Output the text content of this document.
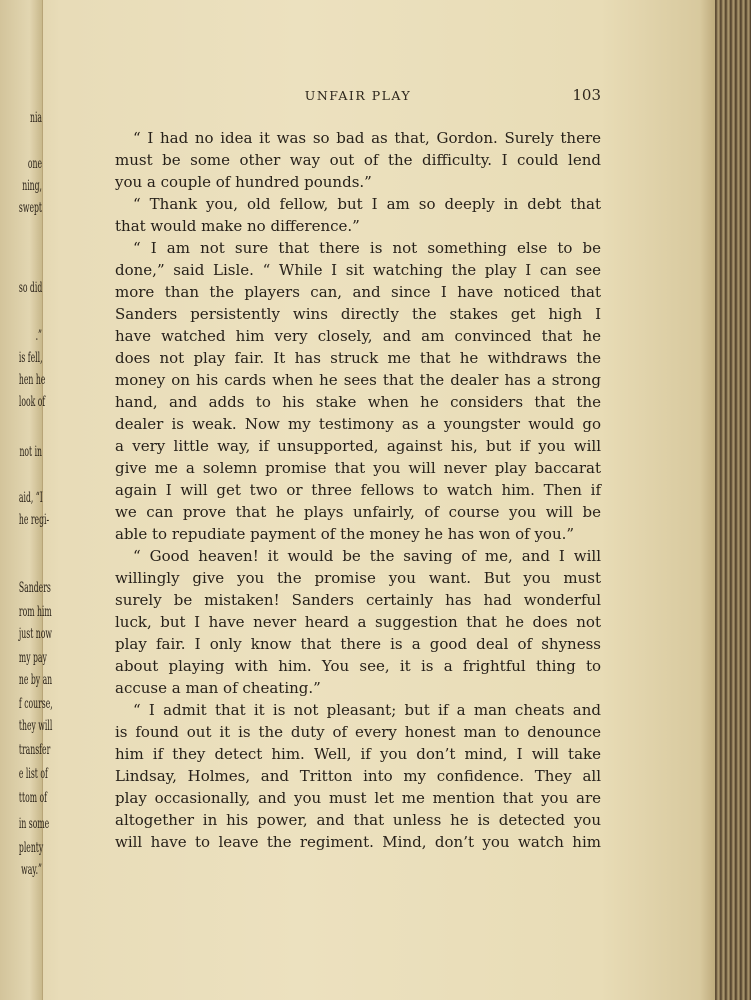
nia
one
ning,
swept
so did
.”
is fell,
hen he
look of
not in
aid, “I
he regi-
Sanders
rom him
just now
my pay
ne by an
f course,
they will
transfer
e list of
ttom of
in some
plenty
way.”
UNFAIR PLAY	103
“ I had no idea it was so bad as that, Gordon. Surely there
must be some other way out of the difficulty. I could lend
you a couple of hundred pounds.”
“ Thank you, old fellow, but I am so deeply in debt that
that would make no difference.”
“ I am not sure that there is not something else to be
done,” said Lisle. “ While I sit watching the play I can see
more than the players can, and since I have noticed that
Sanders persistently wins directly the stakes get high I
have watched him very closely, and am convinced that he
does not play fair. It has struck me that he withdraws the
money on his cards when he sees that the dealer has a strong
hand, and adds to his stake when he considers that the
dealer is weak. Now my testimony as a youngster would go
a very little way, if unsupported, against his, but if you will
give me a solemn promise that you will never play baccarat
again I will get two or three fellows to watch him. Then if
we can prove that he plays unfairly, of course you will be
able to repudiate payment of the money he has won of you.”
“ Good heaven! it would be the saving of me, and I will
willingly give you the promise you want. But you must
surely be mistaken! Sanders certainly has had wonderful
luck, but I have never heard a suggestion that he does not
play fair. I only know that there is a good deal of shyness
about playing with him. You see, it is a frightful thing to
accuse a man of cheating.”
“ I admit that it is not pleasant; but if a man cheats and
is found out it is the duty of every honest man to denounce
him if they detect him. Well, if you don’t mind, I will take
Lindsay, Holmes, and Tritton into my confidence. They all
play occasionally, and you must let me mention that you are
altogether in his power, and that unless he is detected you
will have to leave the regiment. Mind, don’t you watch him
